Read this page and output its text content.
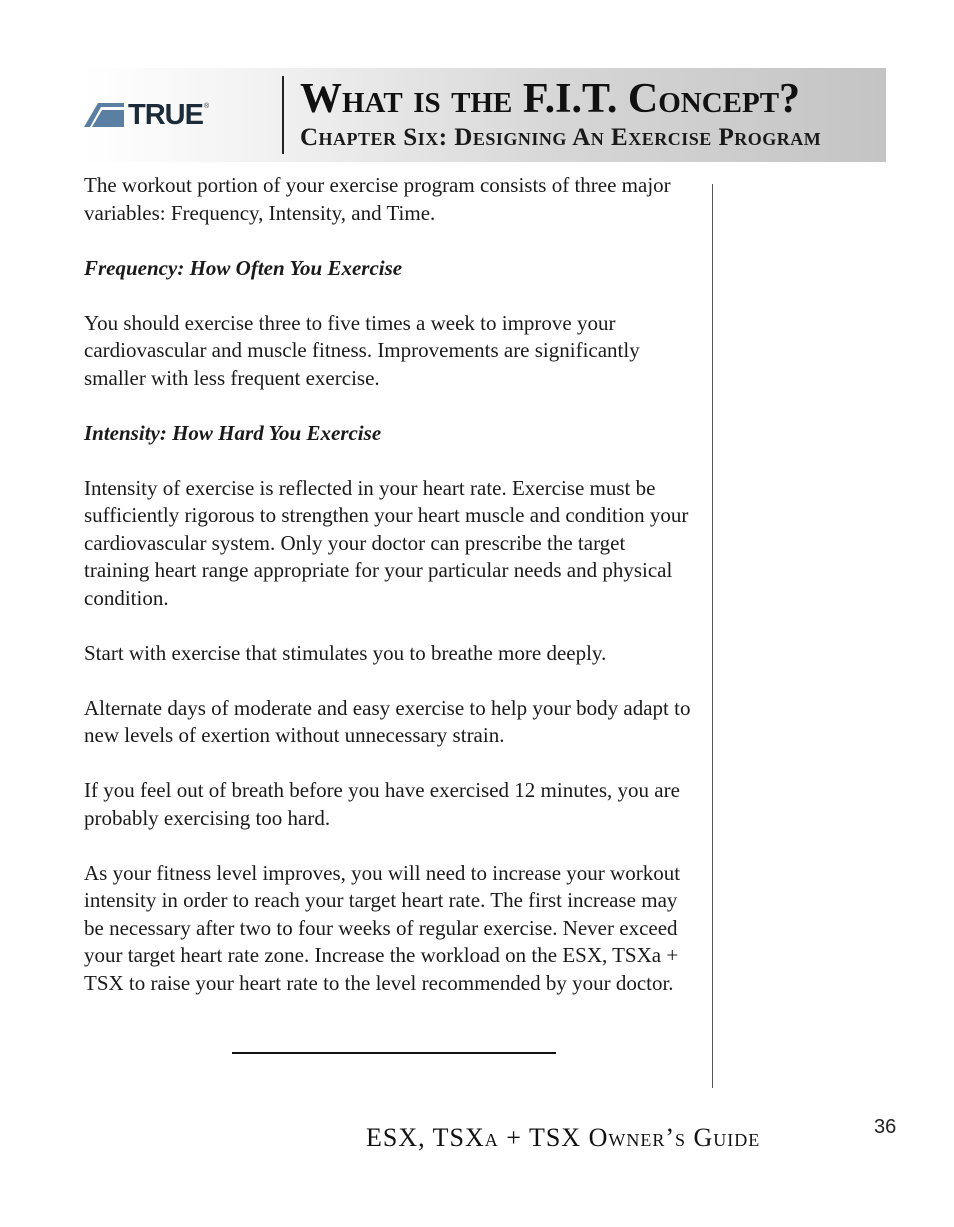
TRUE ® What is the F.I.T. Concept?
Chapter Six: Designing An Exercise Program

The workout portion of your exercise program consists of three major variables: Frequency, Intensity, and Time.

Frequency: How Often You Exercise

You should exercise three to five times a week to improve your cardiovascular and muscle fitness. Improvements are significantly smaller with less frequent exercise.

Intensity: How Hard You Exercise

Intensity of exercise is reflected in your heart rate. Exercise must be sufficiently rigorous to strengthen your heart muscle and condition your cardiovascular system. Only your doctor can prescribe the target training heart range appropriate for your particular needs and physical condition.

Start with exercise that stimulates you to breathe more deeply.

Alternate days of moderate and easy exercise to help your body adapt to new levels of exertion without unnecessary strain.

If you feel out of breath before you have exercised 12 minutes, you are probably exercising too hard.

As your fitness level improves, you will need to increase your workout intensity in order to reach your target heart rate. The first increase may be necessary after two to four weeks of regular exercise. Never exceed your target heart rate zone. Increase the workload on the ESX, TSXa + TSX to raise your heart rate to the level recommended by your doctor.

ESX, TSXa + TSX Owner’s Guide	36
